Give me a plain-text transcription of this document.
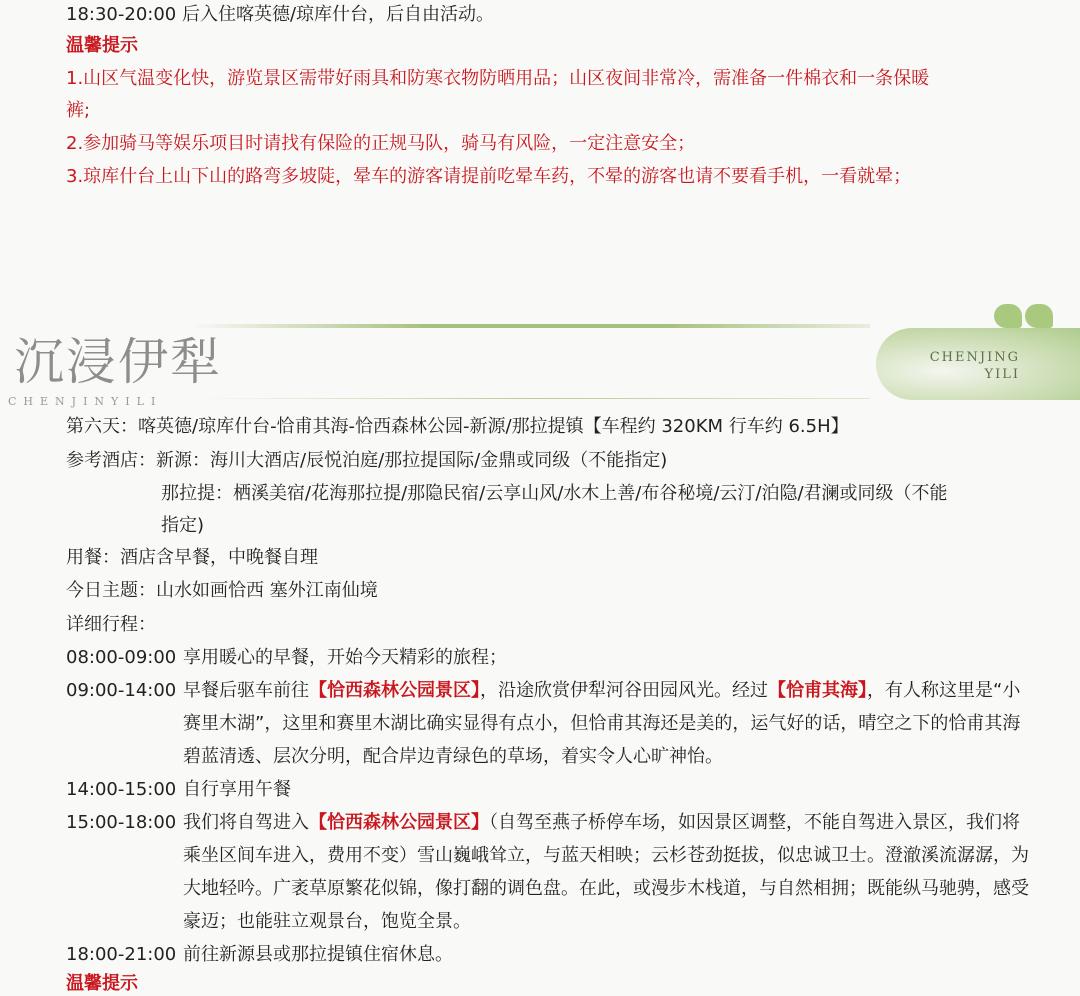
18:30-20:00 后入住喀英德/琼库什台，后自由活动。
温馨提示
1.山区气温变化快，游览景区需带好雨具和防寒衣物防晒用品；山区夜间非常冷，需准备一件棉衣和一条保暖
裤;
2.参加骑马等娱乐项目时请找有保险的正规马队，骑马有风险，一定注意安全；
3.琼库什台上山下山的路弯多坡陡，晕车的游客请提前吃晕车药，不晕的游客也请不要看手机，一看就晕；
沉浸伊犁
CHENJINYILI
CHENJING
YILI
第六天：喀英德/琼库什台-恰甫其海-恰西森林公园-新源/那拉提镇【车程约 320KM 行车约 6.5H】
参考酒店：新源：海川大酒店/辰悦泊庭/那拉提国际/金鼎或同级（不能指定)
那拉提：栖溪美宿/花海那拉提/那隐民宿/云享山风/水木上善/布谷秘境/云汀/泊隐/君澜或同级（不能
指定)
用餐：酒店含早餐，中晚餐自理
今日主题：山水如画恰西 塞外江南仙境
详细行程：
08:00-09:00 享用暖心的早餐，开始今天精彩的旅程；
09:00-14:00 早餐后驱车前往【恰西森林公园景区】，沿途欣赏伊犁河谷田园风光。经过【恰甫其海】，有人称这里是“小赛里木湖”，这里和赛里木湖比确实显得有点小，但恰甫其海还是美的，运气好的话，晴空之下的恰甫其海碧蓝清透、层次分明，配合岸边青绿色的草场，着实令人心旷神怡。
14:00-15:00 自行享用午餐
15:00-18:00 我们将自驾进入【恰西森林公园景区】（自驾至燕子桥停车场，如因景区调整，不能自驾进入景区，我们将乘坐区间车进入，费用不变）雪山巍峨耸立，与蓝天相映；云杉苍劲挺拔，似忠诚卫士。澄澈溪流潺潺，为大地轻吟。广袤草原繁花似锦，像打翻的调色盘。在此，或漫步木栈道，与自然相拥；既能纵马驰骋，感受豪迈；也能驻立观景台，饱览全景。
18:00-21:00 前往新源县或那拉提镇住宿休息。
温馨提示
